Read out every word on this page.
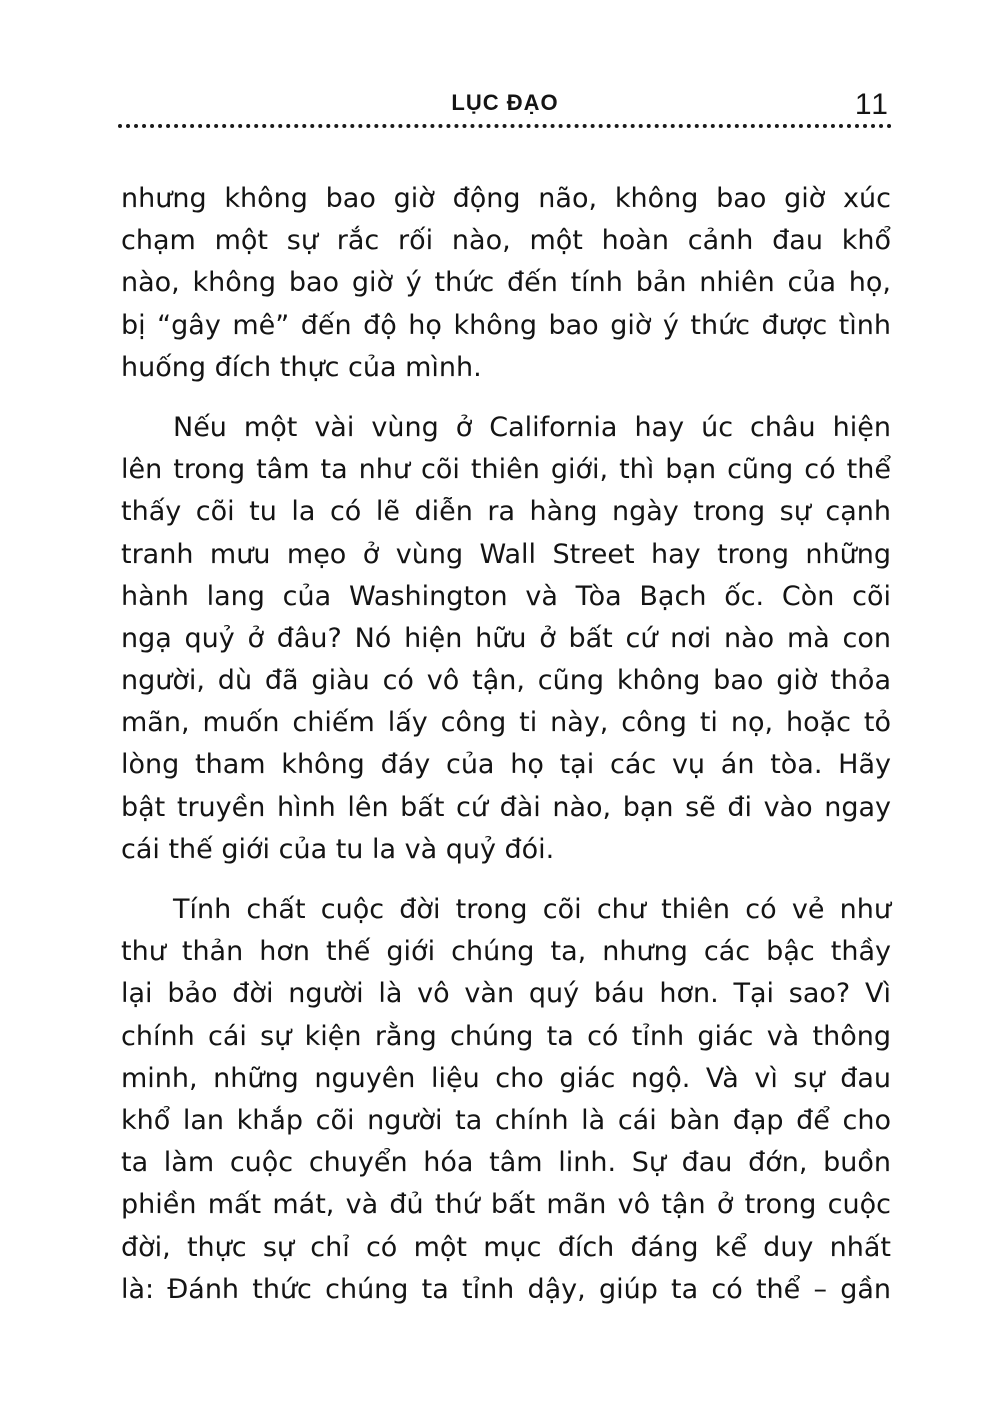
LỤC ĐẠO	11
nhưng không bao giờ động não, không bao giờ xúc
chạm một sự rắc rối nào, một hoàn cảnh đau khổ
nào, không bao giờ ý thức đến tính bản nhiên của họ,
bị “gây mê” đến độ họ không bao giờ ý thức được tình
huống đích thực của mình.
Nếu một vài vùng ở California hay úc châu hiện
lên trong tâm ta như cõi thiên giới, thì bạn cũng có thể
thấy cõi tu la có lẽ diễn ra hàng ngày trong sự cạnh
tranh mưu mẹo ở vùng Wall Street hay trong những
hành lang của Washington và Tòa Bạch ốc. Còn cõi
ngạ quỷ ở đâu? Nó hiện hữu ở bất cứ nơi nào mà con
người, dù đã giàu có vô tận, cũng không bao giờ thỏa
mãn, muốn chiếm lấy công ti này, công ti nọ, hoặc tỏ
lòng tham không đáy của họ tại các vụ án tòa. Hãy
bật truyền hình lên bất cứ đài nào, bạn sẽ đi vào ngay
cái thế giới của tu la và quỷ đói.
Tính chất cuộc đời trong cõi chư thiên có vẻ như
thư thản hơn thế giới chúng ta, nhưng các bậc thầy
lại bảo đời người là vô vàn quý báu hơn. Tại sao? Vì
chính cái sự kiện rằng chúng ta có tỉnh giác và thông
minh, những nguyên liệu cho giác ngộ. Và vì sự đau
khổ lan khắp cõi người ta chính là cái bàn đạp để cho
ta làm cuộc chuyển hóa tâm linh. Sự đau đớn, buồn
phiền mất mát, và đủ thứ bất mãn vô tận ở trong cuộc
đời, thực sự chỉ có một mục đích đáng kể duy nhất
là: Đánh thức chúng ta tỉnh dậy, giúp ta có thể – gần
